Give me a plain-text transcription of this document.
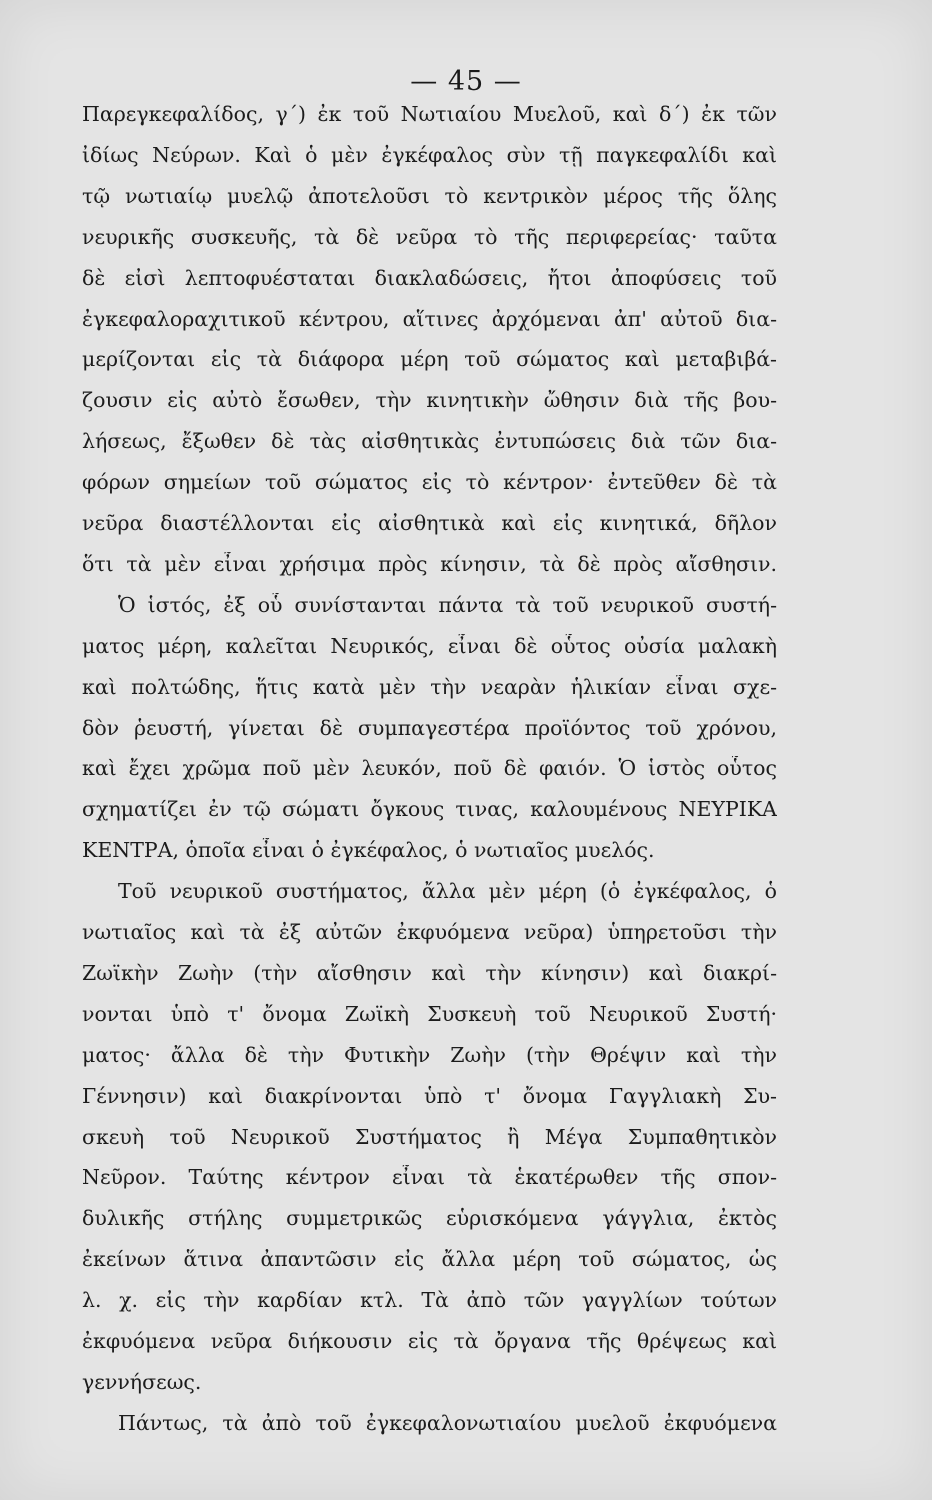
— 45 —
Παρεγκεφαλίδος, γ΄) ἐκ τοῦ Νωτιαίου Μυελοῦ, καὶ δ΄) ἐκ τῶν
ἰδίως Νεύρων. Καὶ ὁ μὲν ἐγκέφαλος σὺν τῇ παγκεφαλίδι καὶ
τῷ νωτιαίῳ μυελῷ ἀποτελοῦσι τὸ κεντρικὸν μέρος τῆς ὅλης
νευρικῆς συσκευῆς, τὰ δὲ νεῦρα τὸ τῆς περιφερείας· ταῦτα
δὲ εἰσὶ λεπτοφυέσταται διακλαδώσεις, ἤτοι ἀποφύσεις τοῦ
ἐγκεφαλοραχιτικοῦ κέντρου, αἵτινες ἀρχόμεναι ἀπ' αὐτοῦ δια-
μερίζονται εἰς τὰ διάφορα μέρη τοῦ σώματος καὶ μεταβιβά-
ζουσιν εἰς αὐτὸ ἔσωθεν, τὴν κινητικὴν ὤθησιν διὰ τῆς βου-
λήσεως, ἔξωθεν δὲ τὰς αἰσθητικὰς ἐντυπώσεις διὰ τῶν δια-
φόρων σημείων τοῦ σώματος εἰς τὸ κέντρον· ἐντεῦθεν δὲ τὰ
νεῦρα διαστέλλονται εἰς αἰσθητικὰ καὶ εἰς κινητικά, δῆλον
ὅτι τὰ μὲν εἶναι χρήσιμα πρὸς κίνησιν, τὰ δὲ πρὸς αἴσθησιν.
Ὁ ἱστός, ἐξ οὗ συνίστανται πάντα τὰ τοῦ νευρικοῦ συστή-
ματος μέρη, καλεῖται Νευρικός, εἶναι δὲ οὗτος οὐσία μαλακὴ
καὶ πολτώδης, ἥτις κατὰ μὲν τὴν νεαρὰν ἡλικίαν εἶναι σχε-
δὸν ῥευστή, γίνεται δὲ συμπαγεστέρα προϊόντος τοῦ χρόνου,
καὶ ἔχει χρῶμα ποῦ μὲν λευκόν, ποῦ δὲ φαιόν. Ὁ ἱστὸς οὗτος
σχηματίζει ἐν τῷ σώματι ὄγκους τινας, καλουμένους ΝΕΥΡΙΚΑ
ΚΕΝΤΡΑ, ὁποῖα εἶναι ὁ ἐγκέφαλος, ὁ νωτιαῖος μυελός.
Τοῦ νευρικοῦ συστήματος, ἄλλα μὲν μέρη (ὁ ἐγκέφαλος, ὁ
νωτιαῖος καὶ τὰ ἐξ αὐτῶν ἐκφυόμενα νεῦρα) ὑπηρετοῦσι τὴν
Ζωϊκὴν Ζωὴν (τὴν αἴσθησιν καὶ τὴν κίνησιν) καὶ διακρί-
νονται ὑπὸ τ' ὄνομα Ζωϊκὴ Συσκευὴ τοῦ Νευρικοῦ Συστή·
ματος· ἄλλα δὲ τὴν Φυτικὴν Ζωὴν (τὴν Θρέψιν καὶ τὴν
Γέννησιν) καὶ διακρίνονται ὑπὸ τ' ὄνομα Γαγγλιακὴ Συ-
σκευὴ τοῦ Νευρικοῦ Συστήματος ἢ Μέγα Συμπαθητικὸν
Νεῦρον. Ταύτης κέντρον εἶναι τὰ ἑκατέρωθεν τῆς σπον-
δυλικῆς στήλης συμμετρικῶς εὑρισκόμενα γάγγλια, ἐκτὸς
ἐκείνων ἅτινα ἀπαντῶσιν εἰς ἄλλα μέρη τοῦ σώματος, ὡς
λ. χ. εἰς τὴν καρδίαν κτλ. Τὰ ἀπὸ τῶν γαγγλίων τούτων
ἐκφυόμενα νεῦρα διήκουσιν εἰς τὰ ὄργανα τῆς θρέψεως καὶ
γεννήσεως.
Πάντως, τὰ ἀπὸ τοῦ ἐγκεφαλονωτιαίου μυελοῦ ἐκφυόμενα
